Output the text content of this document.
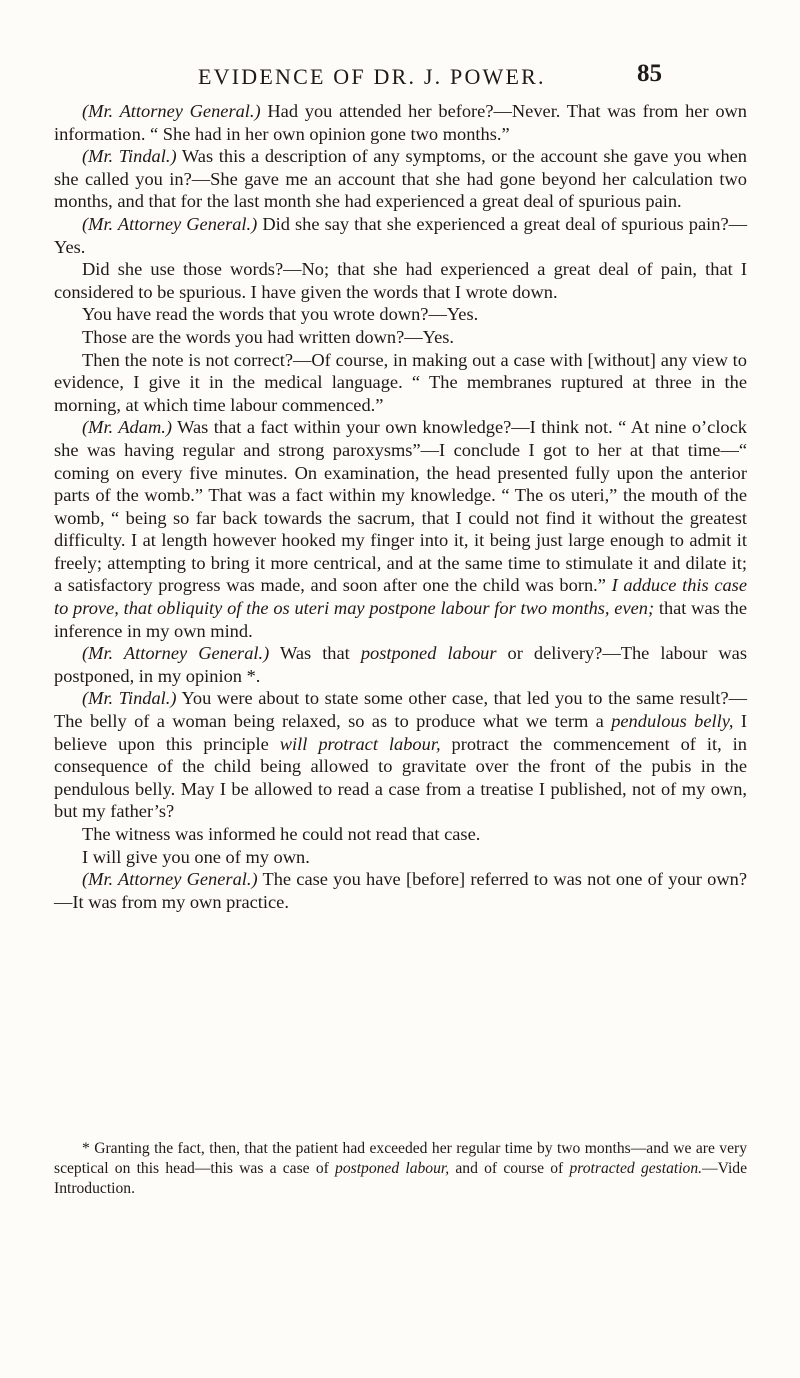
EVIDENCE OF DR. J. POWER.	85

(Mr. Attorney General.) Had you attended her before?—Never. That was from her own information. “ She had in her own opinion gone two months.”

(Mr. Tindal.) Was this a description of any symptoms, or the account she gave you when she called you in?—She gave me an account that she had gone beyond her calculation two months, and that for the last month she had experienced a great deal of spurious pain.

(Mr. Attorney General.) Did she say that she experienced a great deal of spurious pain?—Yes.

Did she use those words?—No; that she had experienced a great deal of pain, that I considered to be spurious. I have given the words that I wrote down.

You have read the words that you wrote down?—Yes.

Those are the words you had written down?—Yes.

Then the note is not correct?—Of course, in making out a case with [without] any view to evidence, I give it in the medical language. “ The membranes ruptured at three in the morning, at which time labour commenced.”

(Mr. Adam.) Was that a fact within your own knowledge?—I think not. “ At nine o’clock she was having regular and strong paroxysms”—I conclude I got to her at that time—“ coming on every five minutes. On examination, the head presented fully upon the anterior parts of the womb.” That was a fact within my knowledge. “ The os uteri,” the mouth of the womb, “ being so far back towards the sacrum, that I could not find it without the greatest difficulty. I at length however hooked my finger into it, it being just large enough to admit it freely; attempting to bring it more centrical, and at the same time to stimulate it and dilate it; a satisfactory progress was made, and soon after one the child was born.” I adduce this case to prove, that obliquity of the os uteri may postpone labour for two months, even; that was the inference in my own mind.

(Mr. Attorney General.) Was that postponed labour or delivery?—The labour was postponed, in my opinion *.

(Mr. Tindal.) You were about to state some other case, that led you to the same result?—The belly of a woman being relaxed, so as to produce what we term a pendulous belly, I believe upon this principle will protract labour, protract the commencement of it, in consequence of the child being allowed to gravitate over the front of the pubis in the pendulous belly. May I be allowed to read a case from a treatise I published, not of my own, but my father’s?

The witness was informed he could not read that case.

I will give you one of my own.

(Mr. Attorney General.) The case you have [before] referred to was not one of your own?—It was from my own practice.

* Granting the fact, then, that the patient had exceeded her regular time by two months—and we are very sceptical on this head—this was a case of postponed labour, and of course of protracted gestation.—Vide Introduction.
